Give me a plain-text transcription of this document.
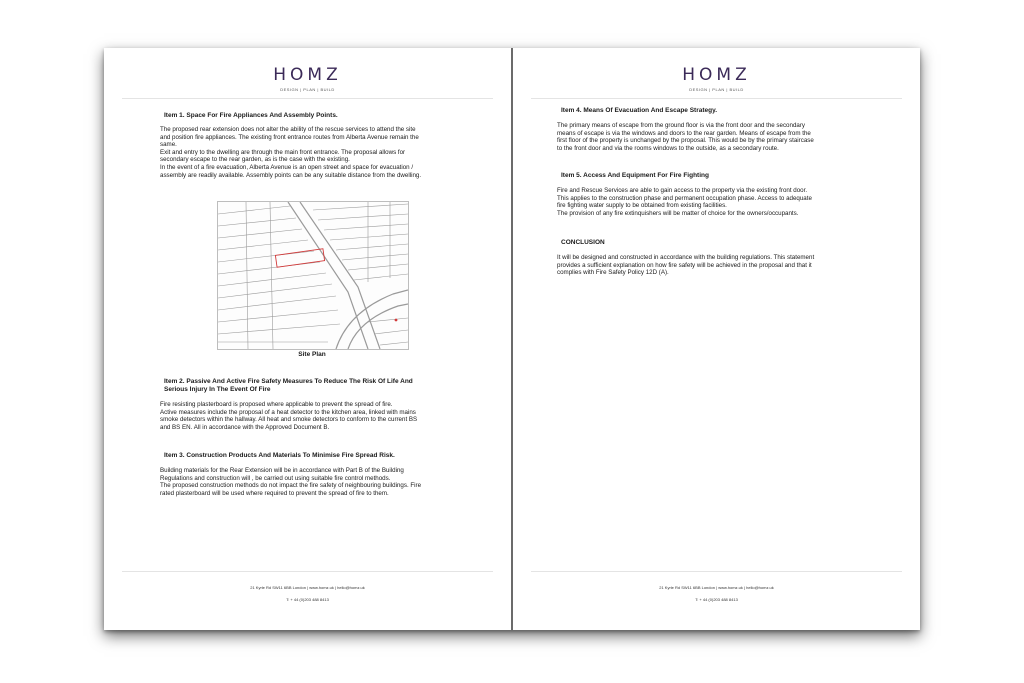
HOMZ
DESIGN | PLAN | BUILD

Item 1. Space For Fire Appliances And Assembly Points.

The proposed rear extension does not alter the ability of the rescue services to attend the site
and position fire appliances. The existing front entrance routes from Alberta Avenue remain the
same.
Exit and entry to the dwelling are through the main front entrance. The proposal allows for
secondary escape to the rear garden, as is the case with the existing.
In the event of a fire evacuation, Alberta Avenue is an open street and space for evacuation /
assembly are readily available. Assembly points can be any suitable distance from the dwelling.

Site Plan

Item 2. Passive And Active Fire Safety Measures To Reduce The Risk Of Life And
Serious Injury In The Event Of Fire

Fire resisting plasterboard is proposed where applicable to prevent the spread of fire.
Active measures include the proposal of a heat detector to the kitchen area, linked with mains
smoke detectors within the hallway. All heat and smoke detectors to conform to the current BS
and BS EN. All in accordance with the Approved Document B.

Item 3. Construction Products And Materials To Minimise Fire Spread Risk.

Building materials for the Rear Extension will be in accordance with Part B of the Building
Regulations and construction will , be carried out using suitable fire control methods.
The proposed construction methods do not impact the fire safety of neighbouring buildings. Fire
rated plasterboard will be used where required to prevent the spread of fire to them.

21 Kyrle Rd SW11 6BB London | www.homz.uk | hello@homz.uk
T: + 44 (0)203 488 8413
HOMZ
DESIGN | PLAN | BUILD

Item 4. Means Of Evacuation And Escape Strategy.

The primary means of escape from the ground floor is via the front door and the secondary
means of escape is via the windows and doors to the rear garden. Means of escape from the
first floor of the property is unchanged by the proposal. This would be by the primary staircase
to the front door and via the rooms windows to the outside, as a secondary route.

Item 5. Access And Equipment For Fire Fighting

Fire and Rescue Services are able to gain access to the property via the existing front door.
This applies to the construction phase and permanent occupation phase. Access to adequate
fire fighting water supply to be obtained from existing facilities.
The provision of any fire extinquishers will be matter of choice for the owners/occupants.

CONCLUSION

It will be designed and constructed in accordance with the building regulations. This statement
provides a sufficient explanation on how fire safety will be achieved in the proposal and that it
complies with Fire Safety Policy 12D (A).

21 Kyrle Rd SW11 6BB London | www.homz.uk | hello@homz.uk
T: + 44 (0)203 488 8413
